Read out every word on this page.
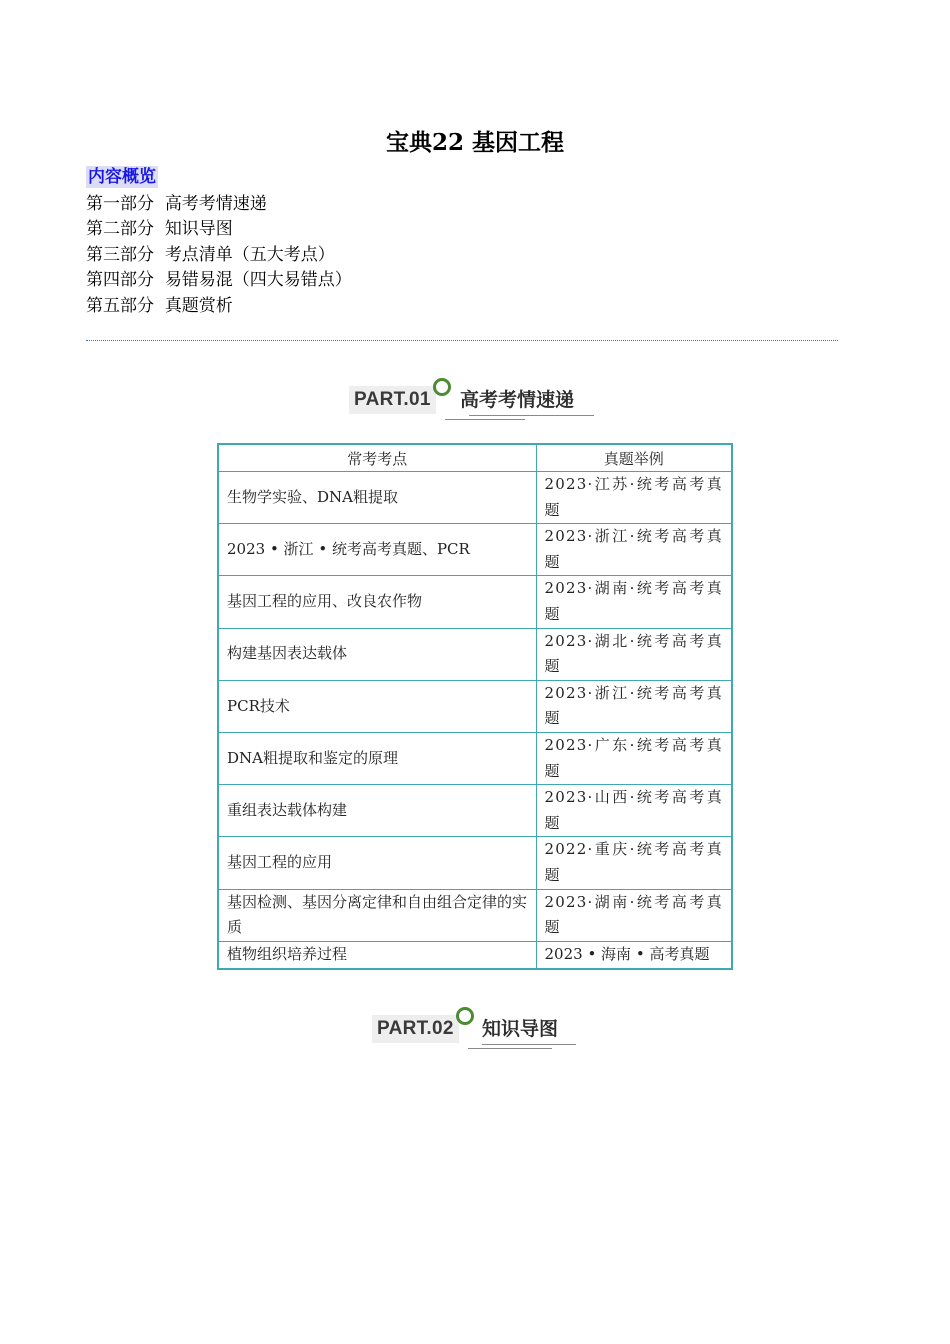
宝典22 基因工程
内容概览
第一部分 高考考情速递
第二部分 知识导图
第三部分 考点清单（五大考点）
第四部分 易错易混（四大易错点）
第五部分 真题赏析
PART.01 高考考情速递
常考考点	真题举例
生物学实验、DNA粗提取	2023·江苏·统考高考真题
2023 • 浙江 • 统考高考真题、PCR	2023·浙江·统考高考真题
基因工程的应用、改良农作物	2023·湖南·统考高考真题
构建基因表达载体	2023·湖北·统考高考真题
PCR技术	2023·浙江·统考高考真题
DNA粗提取和鉴定的原理	2023·广东·统考高考真题
重组表达载体构建	2023·山西·统考高考真题
基因工程的应用	2022·重庆·统考高考真题
基因检测、基因分离定律和自由组合定律的实质	2023·湖南·统考高考真题
植物组织培养过程	2023 • 海南 • 高考真题
PART.02 知识导图
